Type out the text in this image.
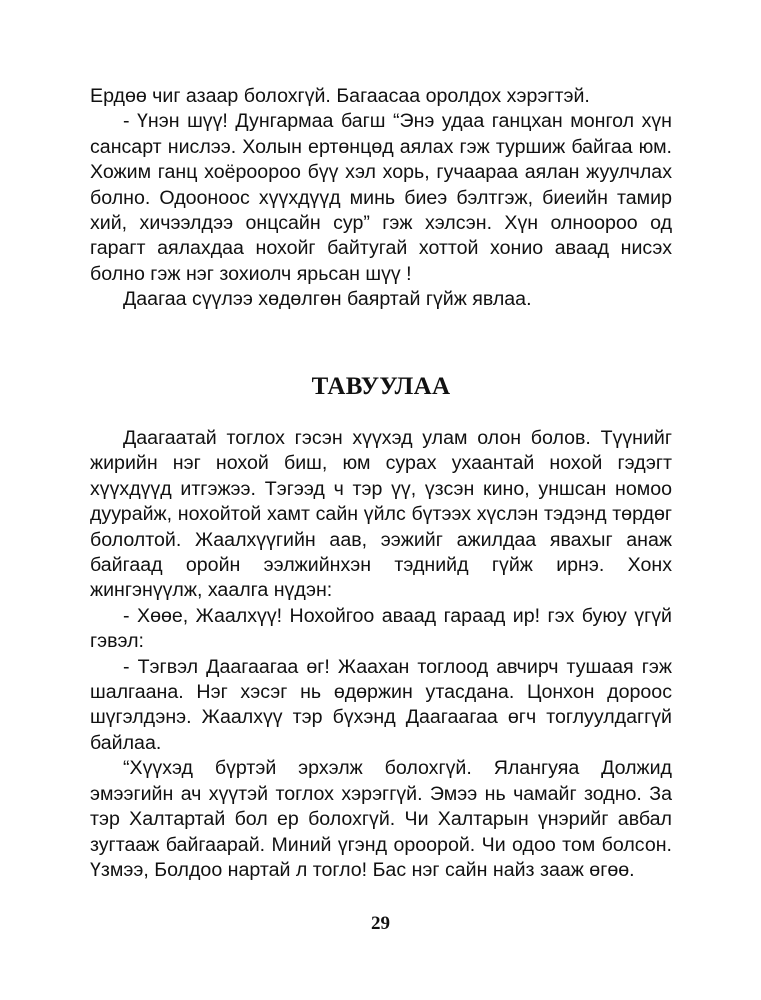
Ердөө чиг азаар болохгүй. Багаасаа оролдох хэрэгтэй.

- Үнэн шүү! Дунгармаа багш “Энэ удаа ганцхан монгол хүн сансарт нислээ. Холын ертөнцөд аялах гэж туршиж байгаа юм. Хожим ганц хоёроороо бүү хэл хорь, гучаараа аялан жуулчлах болно. Одооноос хүүхдүүд минь биеэ бэлтгэж, биеийн тамир хий, хичээлдээ онцсайн сур” гэж хэлсэн. Хүн олноороо од гарагт аялахдаа нохойг байтугай хоттой хонио аваад нисэх болно гэж нэг зохиолч ярьсан шүү !

Даагаа сүүлээ хөдөлгөн баяртай гүйж явлаа.

ТАВУУЛАА

Даагаатай тоглох гэсэн хүүхэд улам олон болов. Түүнийг жирийн нэг нохой биш, юм сурах ухаантай нохой гэдэгт хүүхдүүд итгэжээ. Тэгээд ч тэр үү, үзсэн кино, уншсан номоо дуурайж, нохойтой хамт сайн үйлс бүтээх хүслэн тэдэнд төрдөг бололтой. Жаалхүүгийн аав, ээжийг ажилдаа явахыг анаж байгаад оройн ээлжийнхэн тэднийд гүйж ирнэ. Хонх жингэнүүлж, хаалга нүдэн:

- Хөөе, Жаалхүү! Нохойгоо аваад гараад ир! гэх буюу үгүй гэвэл:

- Тэгвэл Даагаагаа өг! Жаахан тоглоод авчирч тушаая гэж шалгаана. Нэг хэсэг нь өдөржин утасдана. Цонхон дороос шүгэлдэнэ. Жаалхүү тэр бүхэнд Даагаагаа өгч тоглуулдаггүй байлаа.

“Хүүхэд бүртэй эрхэлж болохгүй. Ялангуяа Должид эмээгийн ач хүүтэй тоглох хэрэггүй. Эмээ нь чамайг зодно. За тэр Халтартай бол ер болохгүй. Чи Халтарын үнэрийг авбал зугтааж байгаарай. Миний үгэнд ороорой. Чи одоо том болсон. Үзмээ, Болдоо нартай л тогло! Бас нэг сайн найз зааж өгөө.

29
